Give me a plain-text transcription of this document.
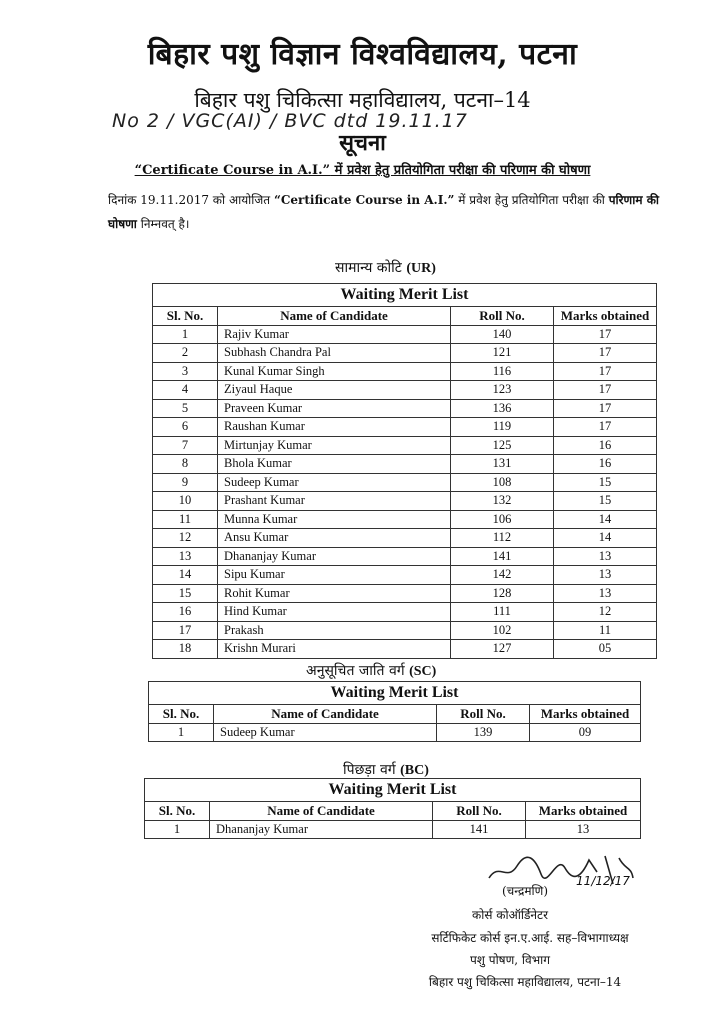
बिहार पशु विज्ञान विश्वविद्यालय, पटना
बिहार पशु चिकित्सा महाविद्यालय, पटना–14
No 2 / VGC(AI) / BVC dtd 19.11.17
सूचना
“Certificate Course in A.I.” में प्रवेश हेतु प्रतियोगिता परीक्षा की परिणाम की घोषणा
दिनांक 19.11.2017 को आयोजित “Certificate Course in A.I.” में प्रवेश हेतु प्रतियोगिता परीक्षा की परिणाम की घोषणा निम्नवत् है।
सामान्य कोटि (UR)
Waiting Merit List			
Sl. No.	Name of Candidate	Roll No.	Marks obtained
1	Rajiv Kumar	140	17
2	Subhash Chandra Pal	121	17
3	Kunal Kumar Singh	116	17
4	Ziyaul Haque	123	17
5	Praveen Kumar	136	17
6	Raushan Kumar	119	17
7	Mirtunjay Kumar	125	16
8	Bhola Kumar	131	16
9	Sudeep Kumar	108	15
10	Prashant Kumar	132	15
11	Munna Kumar	106	14
12	Ansu Kumar	112	14
13	Dhananjay Kumar	141	13
14	Sipu Kumar	142	13
15	Rohit Kumar	128	13
16	Hind Kumar	111	12
17	Prakash	102	11
18	Krishn Murari	127	05
अनुसूचित जाति वर्ग (SC)
Waiting Merit List			
Sl. No.	Name of Candidate	Roll No.	Marks obtained
1	Sudeep Kumar	139	09
पिछड़ा वर्ग (BC)
Waiting Merit List			
Sl. No.	Name of Candidate	Roll No.	Marks obtained
1	Dhananjay Kumar	141	13
(चन्द्रमणि)
11/12/17
कोर्स कोऑर्डिनेटर
सर्टिफिकेट कोर्स इन.ए.आई. सह–विभागाध्यक्ष
पशु पोषण, विभाग
बिहार पशु चिकित्सा महाविद्यालय, पटना–14
